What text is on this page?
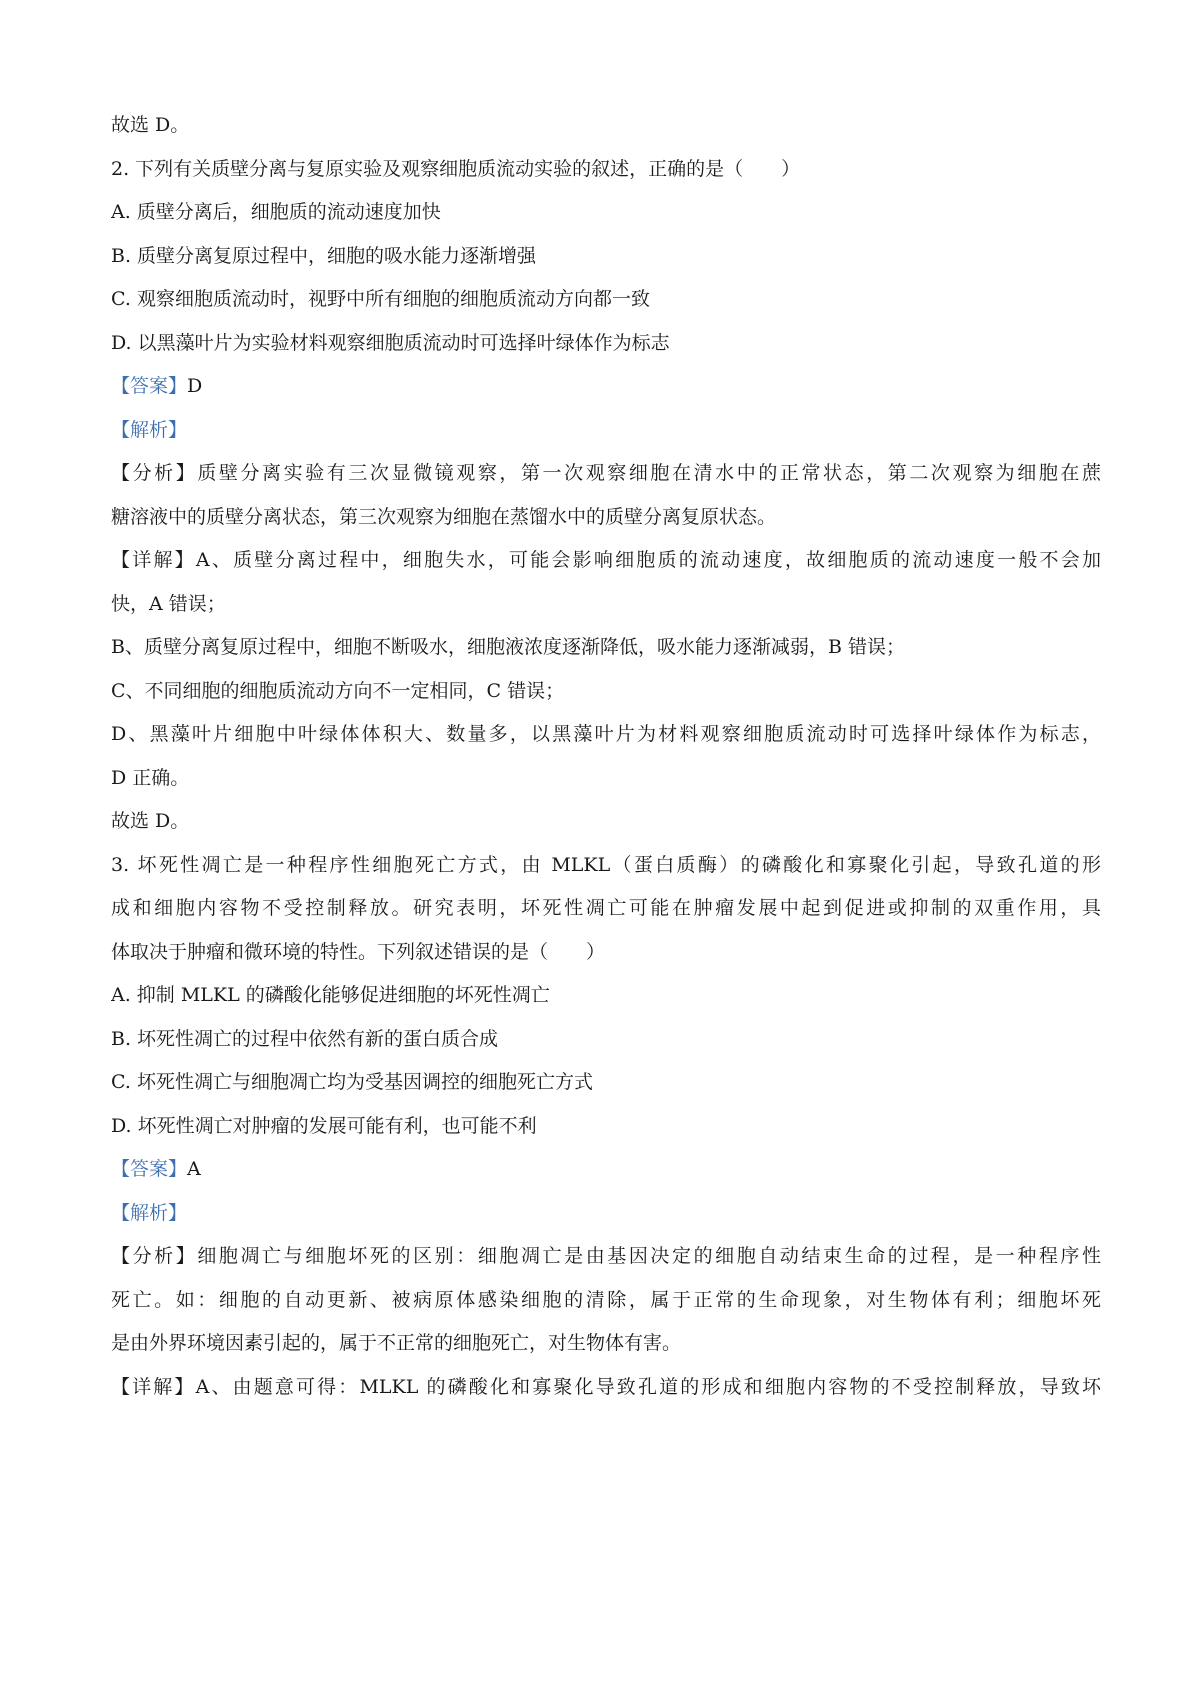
故选 D。
2. 下列有关质壁分离与复原实验及观察细胞质流动实验的叙述，正确的是（　　）
A. 质壁分离后，细胞质的流动速度加快
B. 质壁分离复原过程中，细胞的吸水能力逐渐增强
C. 观察细胞质流动时，视野中所有细胞的细胞质流动方向都一致
D. 以黑藻叶片为实验材料观察细胞质流动时可选择叶绿体作为标志
【答案】D
【解析】
【分析】质壁分离实验有三次显微镜观察，第一次观察细胞在清水中的正常状态，第二次观察为细胞在蔗
糖溶液中的质壁分离状态，第三次观察为细胞在蒸馏水中的质壁分离复原状态。
【详解】A、质壁分离过程中，细胞失水，可能会影响细胞质的流动速度，故细胞质的流动速度一般不会加
快，A 错误；
B、质壁分离复原过程中，细胞不断吸水，细胞液浓度逐渐降低，吸水能力逐渐减弱，B 错误；
C、不同细胞的细胞质流动方向不一定相同，C 错误；
D、黑藻叶片细胞中叶绿体体积大、数量多，以黑藻叶片为材料观察细胞质流动时可选择叶绿体作为标志，
D 正确。
故选 D。
3. 坏死性凋亡是一种程序性细胞死亡方式，由 MLKL（蛋白质酶）的磷酸化和寡聚化引起，导致孔道的形
成和细胞内容物不受控制释放。研究表明，坏死性凋亡可能在肿瘤发展中起到促进或抑制的双重作用，具
体取决于肿瘤和微环境的特性。下列叙述错误的是（　　）
A. 抑制 MLKL 的磷酸化能够促进细胞的坏死性凋亡
B. 坏死性凋亡的过程中依然有新的蛋白质合成
C. 坏死性凋亡与细胞凋亡均为受基因调控的细胞死亡方式
D. 坏死性凋亡对肿瘤的发展可能有利，也可能不利
【答案】A
【解析】
【分析】细胞凋亡与细胞坏死的区别：细胞凋亡是由基因决定的细胞自动结束生命的过程，是一种程序性
死亡。如：细胞的自动更新、被病原体感染细胞的清除，属于正常的生命现象，对生物体有利；细胞坏死
是由外界环境因素引起的，属于不正常的细胞死亡，对生物体有害。
【详解】A、由题意可得：MLKL 的磷酸化和寡聚化导致孔道的形成和细胞内容物的不受控制释放，导致坏
